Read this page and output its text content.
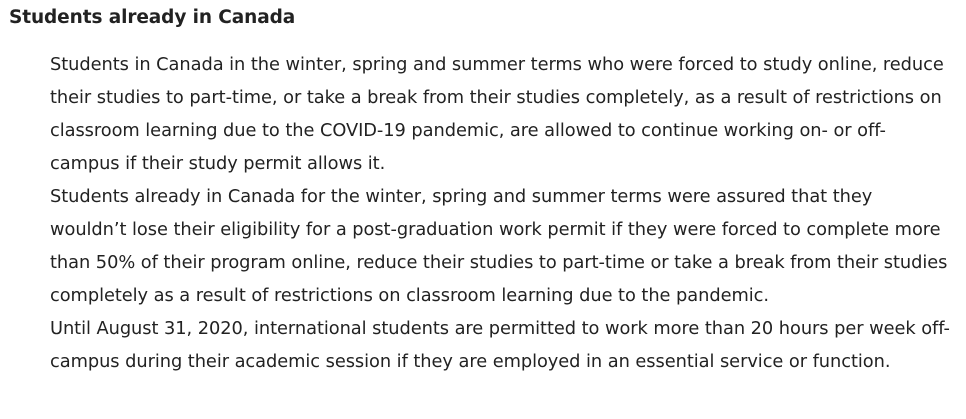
Students already in Canada

Students in Canada in the winter, spring and summer terms who were forced to study online, reduce their studies to part-time, or take a break from their studies completely, as a result of restrictions on classroom learning due to the COVID-19 pandemic, are allowed to continue working on- or off-campus if their study permit allows it.

Students already in Canada for the winter, spring and summer terms were assured that they wouldn’t lose their eligibility for a post-graduation work permit if they were forced to complete more than 50% of their program online, reduce their studies to part-time or take a break from their studies completely as a result of restrictions on classroom learning due to the pandemic.

Until August 31, 2020, international students are permitted to work more than 20 hours per week off-campus during their academic session if they are employed in an essential service or function.
